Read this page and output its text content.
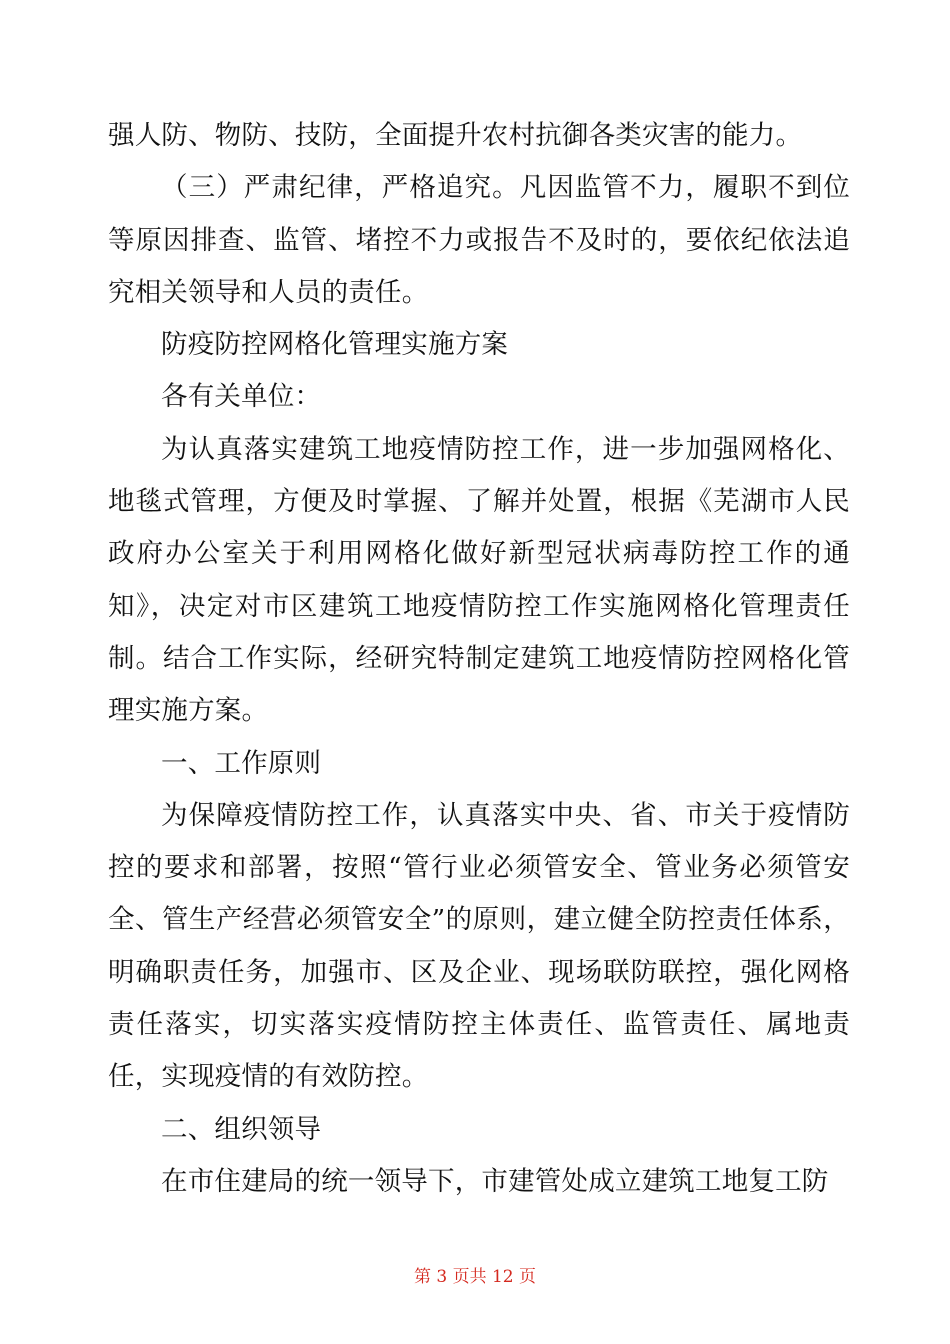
强人防、物防、技防，全面提升农村抗御各类灾害的能力。

（三）严肃纪律，严格追究。凡因监管不力，履职不到位等原因排查、监管、堵控不力或报告不及时的，要依纪依法追究相关领导和人员的责任。

防疫防控网格化管理实施方案

各有关单位：

为认真落实建筑工地疫情防控工作，进一步加强网格化、地毯式管理，方便及时掌握、了解并处置，根据《芜湖市人民政府办公室关于利用网格化做好新型冠状病毒防控工作的通知》，决定对市区建筑工地疫情防控工作实施网格化管理责任制。结合工作实际，经研究特制定建筑工地疫情防控网格化管理实施方案。

一、工作原则

为保障疫情防控工作，认真落实中央、省、市关于疫情防控的要求和部署，按照“管行业必须管安全、管业务必须管安全、管生产经营必须管安全”的原则，建立健全防控责任体系，明确职责任务，加强市、区及企业、现场联防联控，强化网格责任落实，切实落实疫情防控主体责任、监管责任、属地责任，实现疫情的有效防控。

二、组织领导

在市住建局的统一领导下，市建管处成立建筑工地复工防

第 3 页共 12 页
